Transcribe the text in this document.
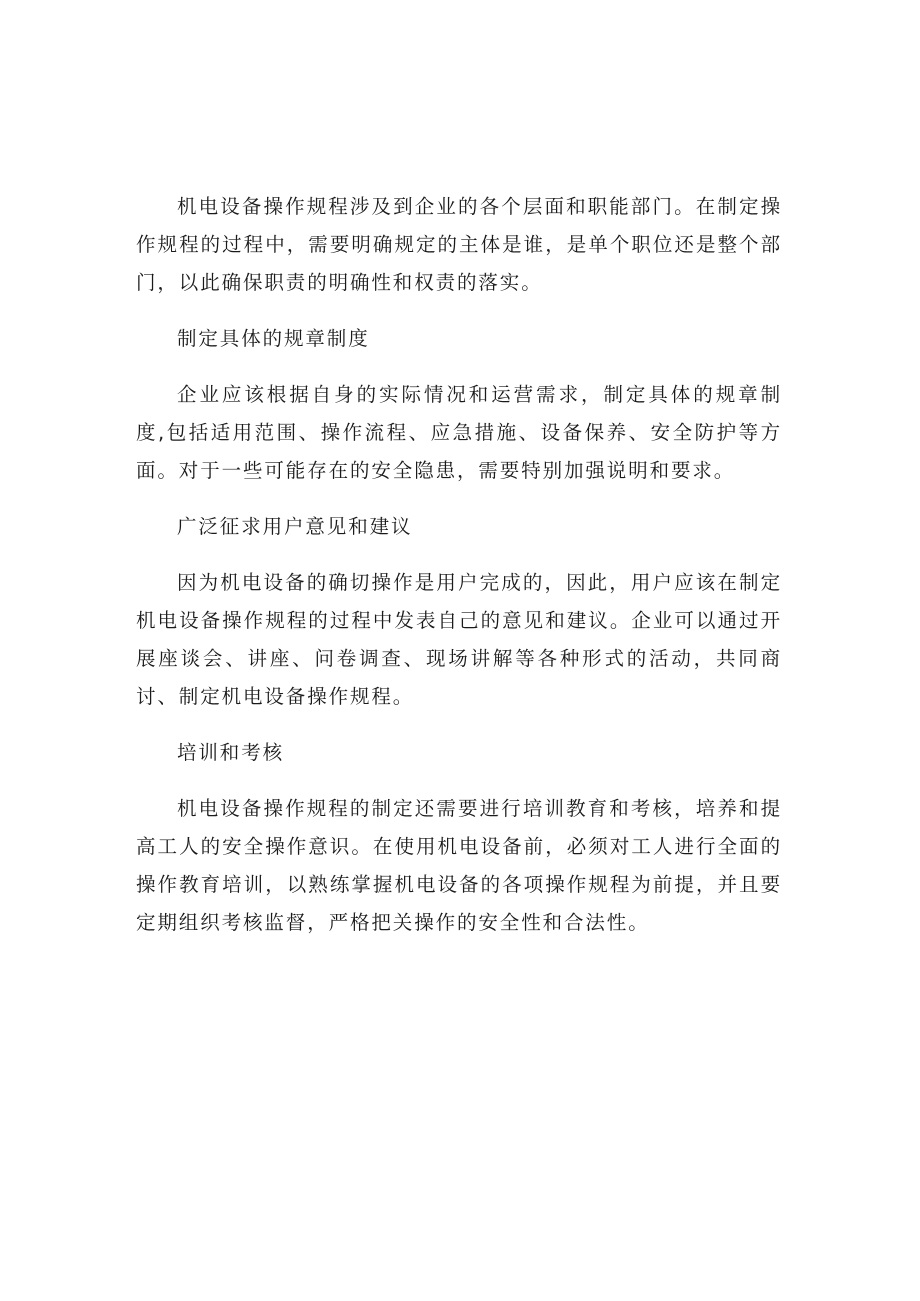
机电设备操作规程涉及到企业的各个层面和职能部门。在制定操作规程的过程中，需要明确规定的主体是谁，是单个职位还是整个部门，以此确保职责的明确性和权责的落实。

制定具体的规章制度

企业应该根据自身的实际情况和运营需求，制定具体的规章制度,包括适用范围、操作流程、应急措施、设备保养、安全防护等方面。对于一些可能存在的安全隐患，需要特别加强说明和要求。

广泛征求用户意见和建议

因为机电设备的确切操作是用户完成的，因此，用户应该在制定机电设备操作规程的过程中发表自己的意见和建议。企业可以通过开展座谈会、讲座、问卷调查、现场讲解等各种形式的活动，共同商讨、制定机电设备操作规程。

培训和考核

机电设备操作规程的制定还需要进行培训教育和考核，培养和提高工人的安全操作意识。在使用机电设备前，必须对工人进行全面的操作教育培训，以熟练掌握机电设备的各项操作规程为前提，并且要定期组织考核监督，严格把关操作的安全性和合法性。
